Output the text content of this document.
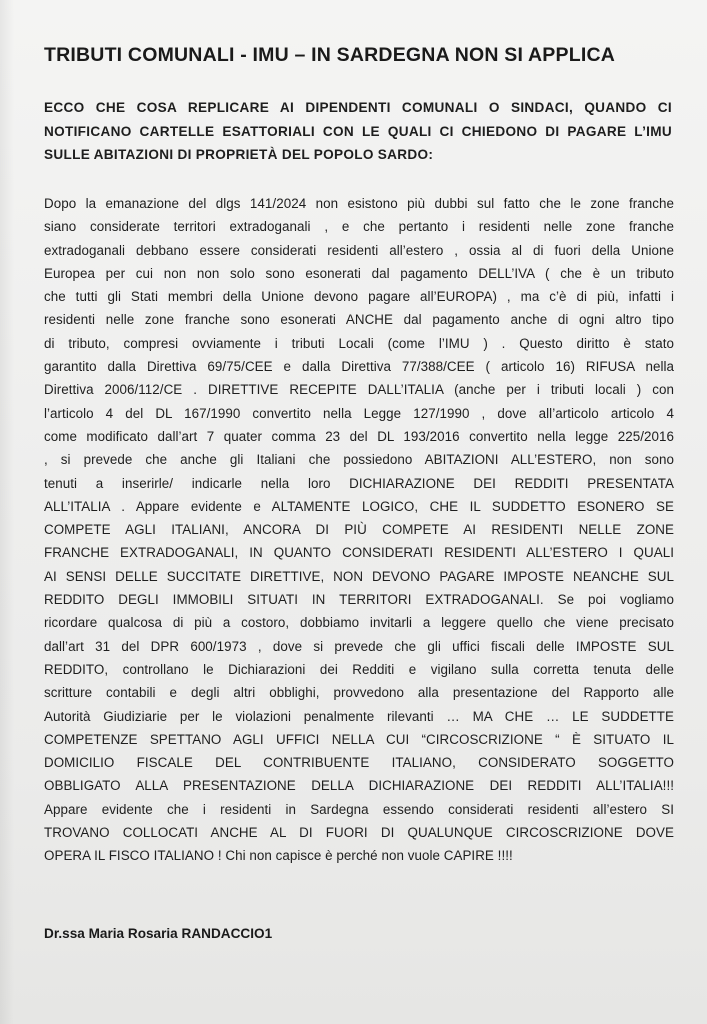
TRIBUTI COMUNALI - IMU – IN SARDEGNA NON SI APPLICA
ECCO CHE COSA REPLICARE AI DIPENDENTI COMUNALI O SINDACI, QUANDO CI
NOTIFICANO CARTELLE ESATTORIALI CON LE QUALI CI CHIEDONO DI PAGARE L’IMU
SULLE ABITAZIONI DI PROPRIETÀ DEL POPOLO SARDO:
Dopo la emanazione del dlgs 141/2024 non esistono più dubbi sul fatto che le zone franche
siano considerate territori extradoganali , e che pertanto i residenti nelle zone franche
extradoganali debbano essere considerati residenti all’estero , ossia al di fuori della Unione
Europea per cui non non solo sono esonerati dal pagamento DELL’IVA ( che è un tributo
che tutti gli Stati membri della Unione devono pagare all’EUROPA) , ma c’è di più, infatti i
residenti nelle zone franche sono esonerati ANCHE dal pagamento anche di ogni altro tipo
di tributo, compresi ovviamente i tributi Locali (come l’IMU ) . Questo diritto è stato
garantito dalla Direttiva 69/75/CEE e dalla Direttiva 77/388/CEE ( articolo 16) RIFUSA nella
Direttiva 2006/112/CE . DIRETTIVE RECEPITE DALL’ITALIA (anche per i tributi locali ) con
l’articolo 4 del DL 167/1990 convertito nella Legge 127/1990 , dove all’articolo articolo 4
come modificato dall’art 7 quater comma 23 del DL 193/2016 convertito nella legge 225/2016
, si prevede che anche gli Italiani che possiedono ABITAZIONI ALL’ESTERO, non sono
tenuti a inserirle/ indicarle nella loro DICHIARAZIONE DEI REDDITI PRESENTATA
ALL’ITALIA . Appare evidente e ALTAMENTE LOGICO, CHE IL SUDDETTO ESONERO SE
COMPETE AGLI ITALIANI, ANCORA DI PIÙ COMPETE AI RESIDENTI NELLE ZONE
FRANCHE EXTRADOGANALI, IN QUANTO CONSIDERATI RESIDENTI ALL’ESTERO I QUALI
AI SENSI DELLE SUCCITATE DIRETTIVE, NON DEVONO PAGARE IMPOSTE NEANCHE SUL
REDDITO DEGLI IMMOBILI SITUATI IN TERRITORI EXTRADOGANALI. Se poi vogliamo
ricordare qualcosa di più a costoro, dobbiamo invitarli a leggere quello che viene precisato
dall’art 31 del DPR 600/1973 , dove si prevede che gli uffici fiscali delle IMPOSTE SUL
REDDITO, controllano le Dichiarazioni dei Redditi e vigilano sulla corretta tenuta delle
scritture contabili e degli altri obblighi, provvedono alla presentazione del Rapporto alle
Autorità Giudiziarie per le violazioni penalmente rilevanti … MA CHE … LE SUDDETTE
COMPETENZE SPETTANO AGLI UFFICI NELLA CUI “CIRCOSCRIZIONE “ È SITUATO IL
DOMICILIO FISCALE DEL CONTRIBUENTE ITALIANO, CONSIDERATO SOGGETTO
OBBLIGATO ALLA PRESENTAZIONE DELLA DICHIARAZIONE DEI REDDITI ALL’ITALIA!!!
Appare evidente che i residenti in Sardegna essendo considerati residenti all’estero SI
TROVANO COLLOCATI ANCHE AL DI FUORI DI QUALUNQUE CIRCOSCRIZIONE DOVE
OPERA IL FISCO ITALIANO ! Chi non capisce è perché non vuole CAPIRE !!!!
Dr.ssa Maria Rosaria RANDACCIO1
